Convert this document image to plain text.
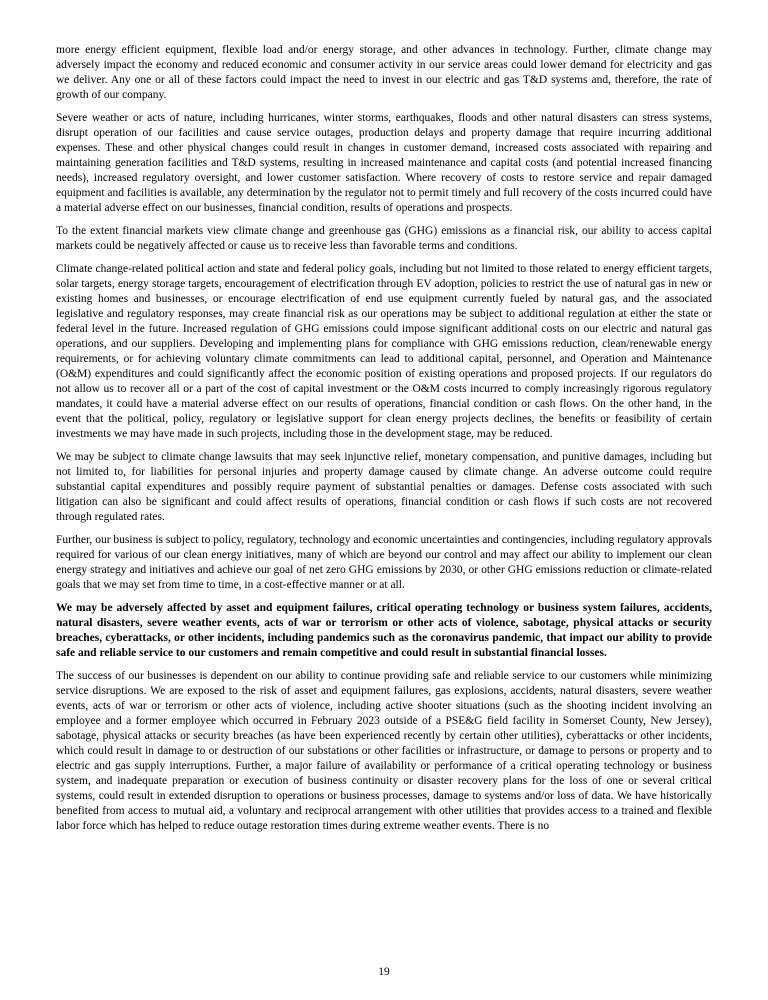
more energy efficient equipment, flexible load and/or energy storage, and other advances in technology. Further, climate change may adversely impact the economy and reduced economic and consumer activity in our service areas could lower demand for electricity and gas we deliver. Any one or all of these factors could impact the need to invest in our electric and gas T&D systems and, therefore, the rate of growth of our company.

Severe weather or acts of nature, including hurricanes, winter storms, earthquakes, floods and other natural disasters can stress systems, disrupt operation of our facilities and cause service outages, production delays and property damage that require incurring additional expenses. These and other physical changes could result in changes in customer demand, increased costs associated with repairing and maintaining generation facilities and T&D systems, resulting in increased maintenance and capital costs (and potential increased financing needs), increased regulatory oversight, and lower customer satisfaction. Where recovery of costs to restore service and repair damaged equipment and facilities is available, any determination by the regulator not to permit timely and full recovery of the costs incurred could have a material adverse effect on our businesses, financial condition, results of operations and prospects.

To the extent financial markets view climate change and greenhouse gas (GHG) emissions as a financial risk, our ability to access capital markets could be negatively affected or cause us to receive less than favorable terms and conditions.

Climate change-related political action and state and federal policy goals, including but not limited to those related to energy efficient targets, solar targets, energy storage targets, encouragement of electrification through EV adoption, policies to restrict the use of natural gas in new or existing homes and businesses, or encourage electrification of end use equipment currently fueled by natural gas, and the associated legislative and regulatory responses, may create financial risk as our operations may be subject to additional regulation at either the state or federal level in the future. Increased regulation of GHG emissions could impose significant additional costs on our electric and natural gas operations, and our suppliers. Developing and implementing plans for compliance with GHG emissions reduction, clean/renewable energy requirements, or for achieving voluntary climate commitments can lead to additional capital, personnel, and Operation and Maintenance (O&M) expenditures and could significantly affect the economic position of existing operations and proposed projects. If our regulators do not allow us to recover all or a part of the cost of capital investment or the O&M costs incurred to comply increasingly rigorous regulatory mandates, it could have a material adverse effect on our results of operations, financial condition or cash flows. On the other hand, in the event that the political, policy, regulatory or legislative support for clean energy projects declines, the benefits or feasibility of certain investments we may have made in such projects, including those in the development stage, may be reduced.

We may be subject to climate change lawsuits that may seek injunctive relief, monetary compensation, and punitive damages, including but not limited to, for liabilities for personal injuries and property damage caused by climate change. An adverse outcome could require substantial capital expenditures and possibly require payment of substantial penalties or damages. Defense costs associated with such litigation can also be significant and could affect results of operations, financial condition or cash flows if such costs are not recovered through regulated rates.

Further, our business is subject to policy, regulatory, technology and economic uncertainties and contingencies, including regulatory approvals required for various of our clean energy initiatives, many of which are beyond our control and may affect our ability to implement our clean energy strategy and initiatives and achieve our goal of net zero GHG emissions by 2030, or other GHG emissions reduction or climate-related goals that we may set from time to time, in a cost-effective manner or at all.

We may be adversely affected by asset and equipment failures, critical operating technology or business system failures, accidents, natural disasters, severe weather events, acts of war or terrorism or other acts of violence, sabotage, physical attacks or security breaches, cyberattacks, or other incidents, including pandemics such as the coronavirus pandemic, that impact our ability to provide safe and reliable service to our customers and remain competitive and could result in substantial financial losses.

The success of our businesses is dependent on our ability to continue providing safe and reliable service to our customers while minimizing service disruptions. We are exposed to the risk of asset and equipment failures, gas explosions, accidents, natural disasters, severe weather events, acts of war or terrorism or other acts of violence, including active shooter situations (such as the shooting incident involving an employee and a former employee which occurred in February 2023 outside of a PSE&G field facility in Somerset County, New Jersey), sabotage, physical attacks or security breaches (as have been experienced recently by certain other utilities), cyberattacks or other incidents, which could result in damage to or destruction of our substations or other facilities or infrastructure, or damage to persons or property and to electric and gas supply interruptions. Further, a major failure of availability or performance of a critical operating technology or business system, and inadequate preparation or execution of business continuity or disaster recovery plans for the loss of one or several critical systems, could result in extended disruption to operations or business processes, damage to systems and/or loss of data. We have historically benefited from access to mutual aid, a voluntary and reciprocal arrangement with other utilities that provides access to a trained and flexible labor force which has helped to reduce outage restoration times during extreme weather events. There is no

19
